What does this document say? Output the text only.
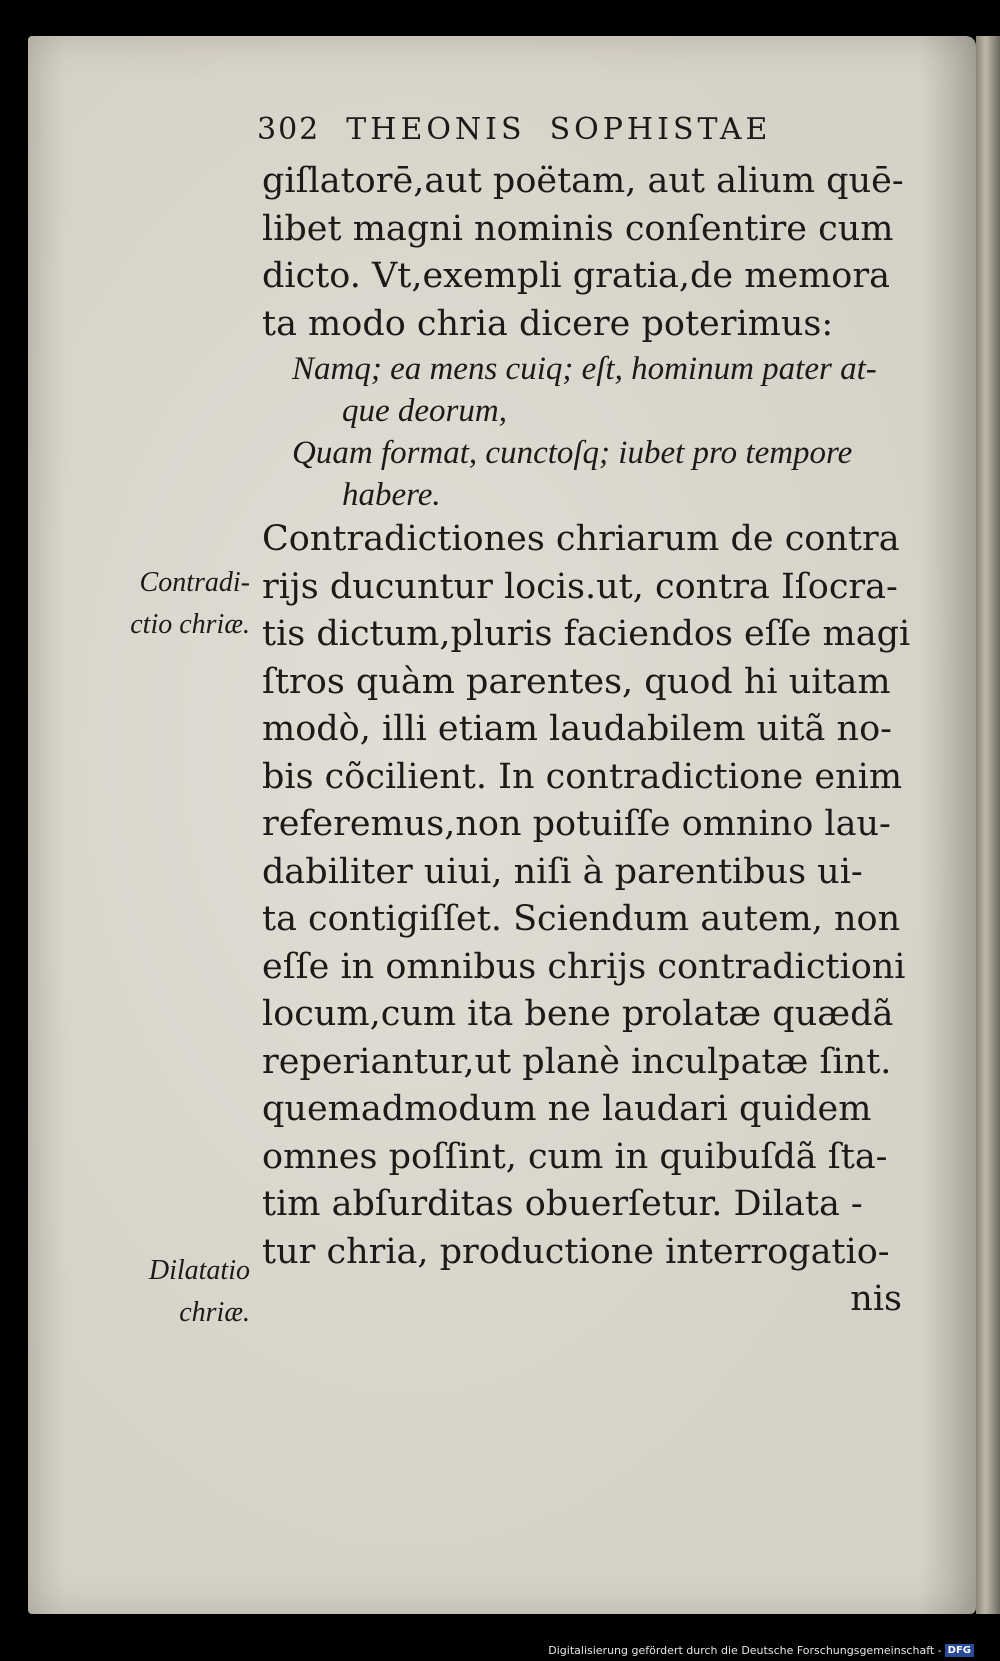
302 THEONIS SOPHISTAE
giſlatorē,aut poëtam, aut alium quē-
libet magni nominis conſentire cum
dicto. Vt,exempli gratia,de memora
ta modo chria dicere poterimus:
Namq; ea mens cuiq; eſt, hominum pater at-
que deorum,
Quam format, cunctoſq; iubet pro tempore
habere.
Contradictiones chriarum de contra
rijs ducuntur locis.ut, contra Iſocra-
tis dictum,pluris faciendos eſſe magi
ſtros quàm parentes, quod hi uitam
modò, illi etiam laudabilem uitã no-
bis cõcilient. In contradictione enim
referemus,non potuiſſe omnino lau-
dabiliter uiui, niſi à parentibus ui-
ta contigiſſet. Sciendum autem, non
eſſe in omnibus chrijs contradictioni
locum,cum ita bene prolatæ quædã
reperiantur,ut planè inculpatæ ſint.
quemadmodum ne laudari quidem
omnes poſſint, cum in quibuſdã ſta-
tim abſurditas obuerſetur. Dilata -
tur chria, productione interrogatio-
nis
Contradi-
ctio chriæ.
Dilatatio
chriæ.
Digitalisierung gefördert durch die Deutsche Forschungsgemeinschaft - DFG
